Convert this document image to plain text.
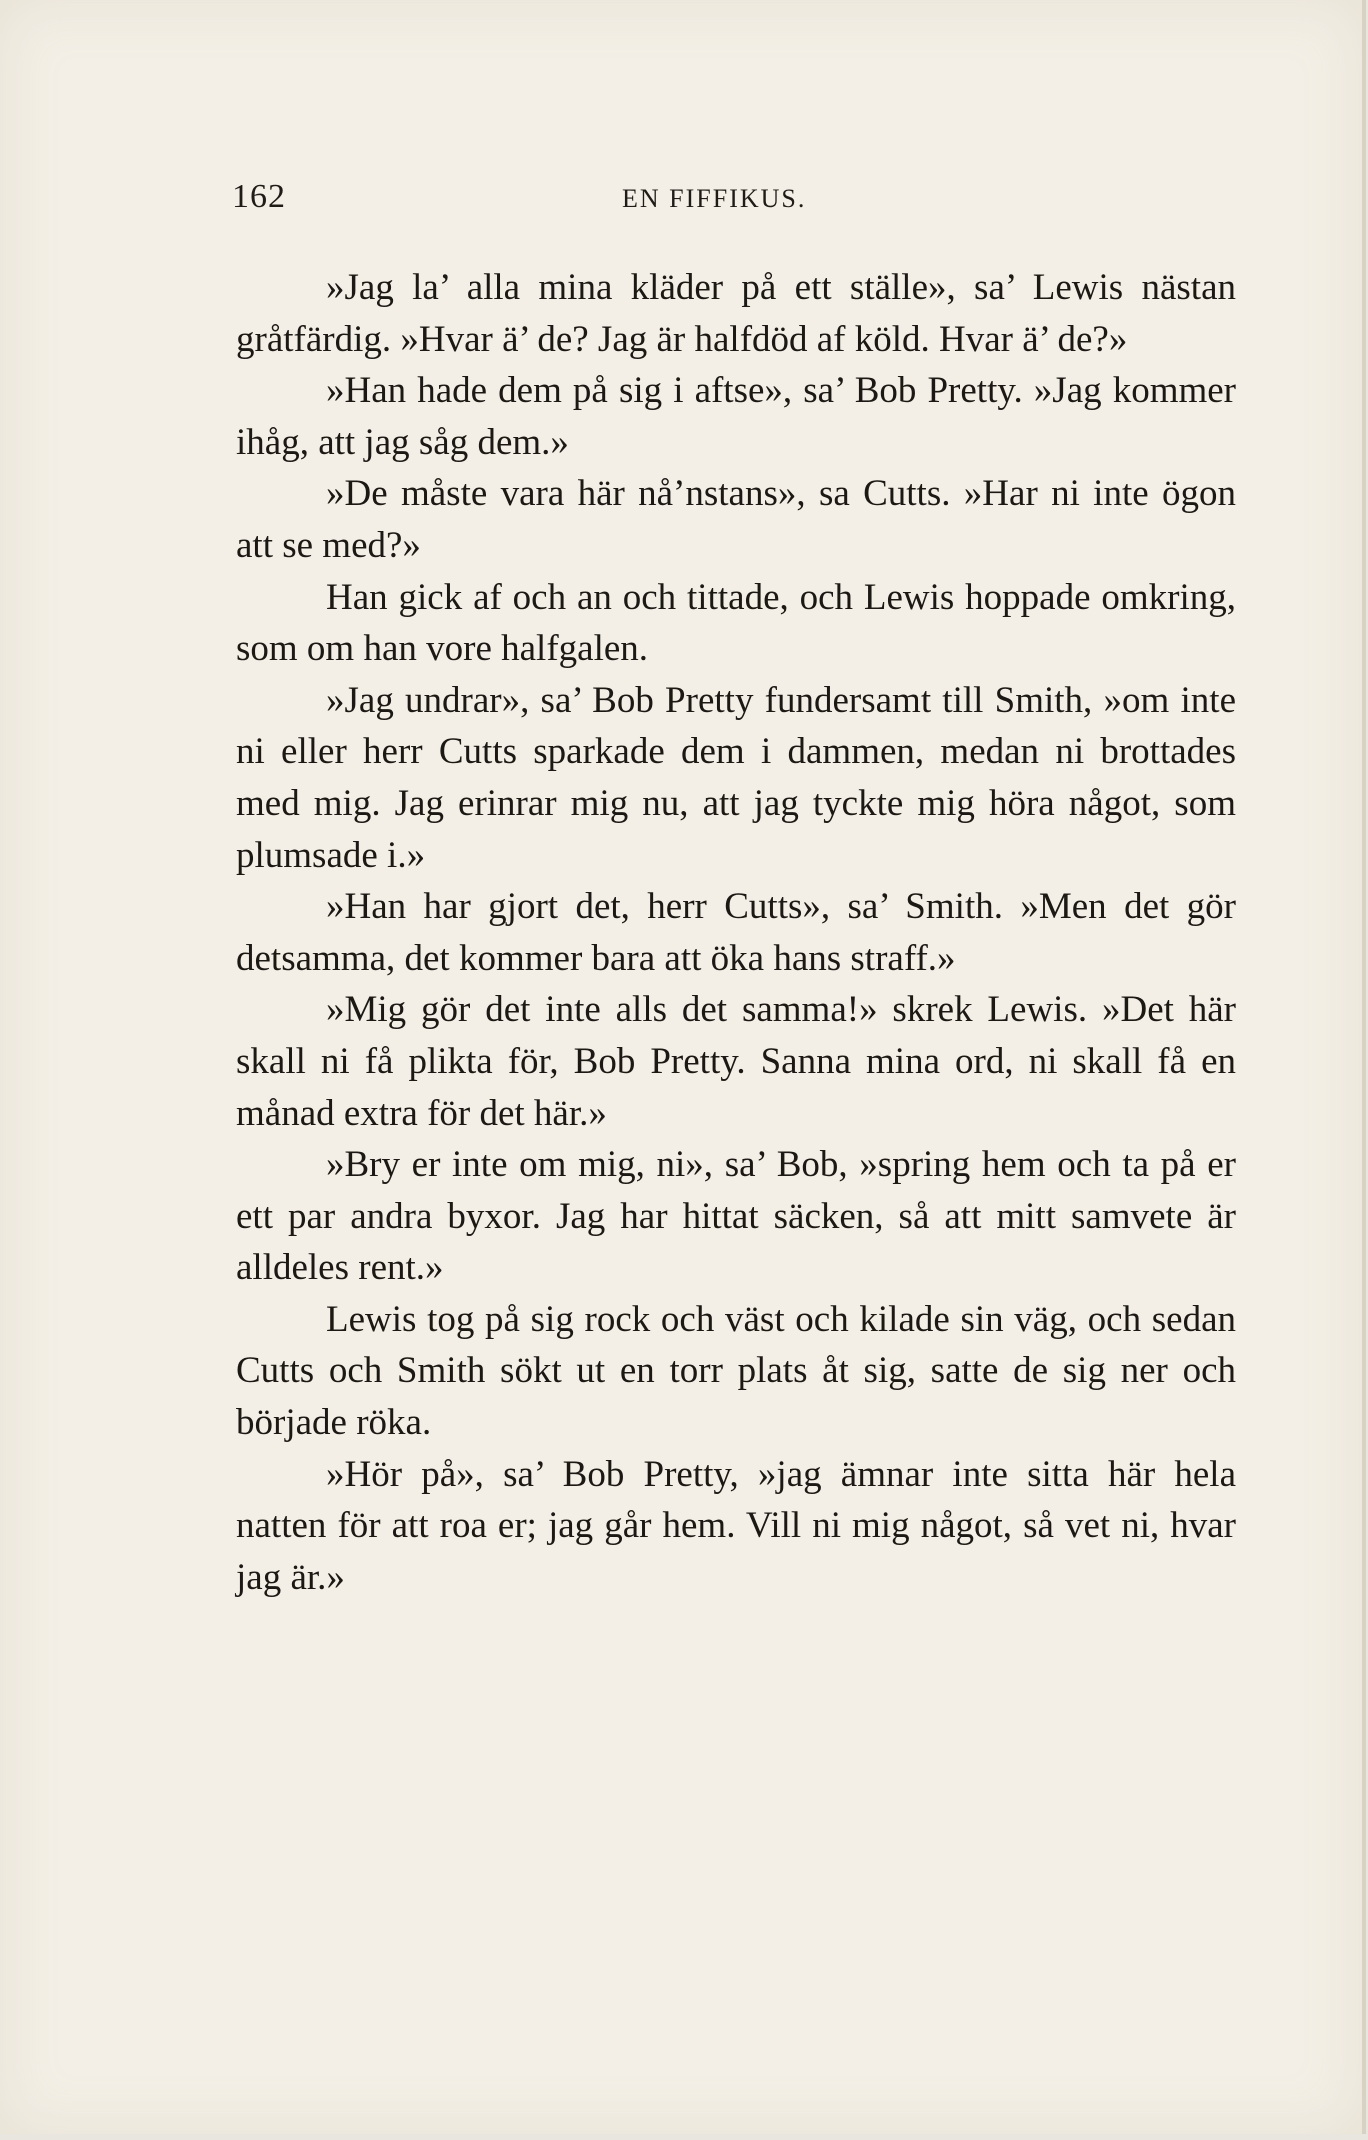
162	EN FIFFIKUS.

»Jag la’ alla mina kläder på ett ställe», sa’ Lewis nästan gråtfärdig. »Hvar ä’ de? Jag är halfdöd af köld. Hvar ä’ de?»

»Han hade dem på sig i aftse», sa’ Bob Pretty. »Jag kommer ihåg, att jag såg dem.»

»De måste vara här nå’nstans», sa Cutts. »Har ni inte ögon att se med?»

Han gick af och an och tittade, och Lewis hoppade omkring, som om han vore halfgalen.

»Jag undrar», sa’ Bob Pretty fundersamt till Smith, »om inte ni eller herr Cutts sparkade dem i dammen, medan ni brottades med mig. Jag erinrar mig nu, att jag tyckte mig höra något, som plumsade i.»

»Han har gjort det, herr Cutts», sa’ Smith. »Men det gör detsamma, det kommer bara att öka hans straff.»

»Mig gör det inte alls det samma!» skrek Lewis. »Det här skall ni få plikta för, Bob Pretty. Sanna mina ord, ni skall få en månad extra för det här.»

»Bry er inte om mig, ni», sa’ Bob, »spring hem och ta på er ett par andra byxor. Jag har hittat säcken, så att mitt samvete är alldeles rent.»

Lewis tog på sig rock och väst och kilade sin väg, och sedan Cutts och Smith sökt ut en torr plats åt sig, satte de sig ner och började röka.

»Hör på», sa’ Bob Pretty, »jag ämnar inte sitta här hela natten för att roa er; jag går hem. Vill ni mig något, så vet ni, hvar jag är.»
